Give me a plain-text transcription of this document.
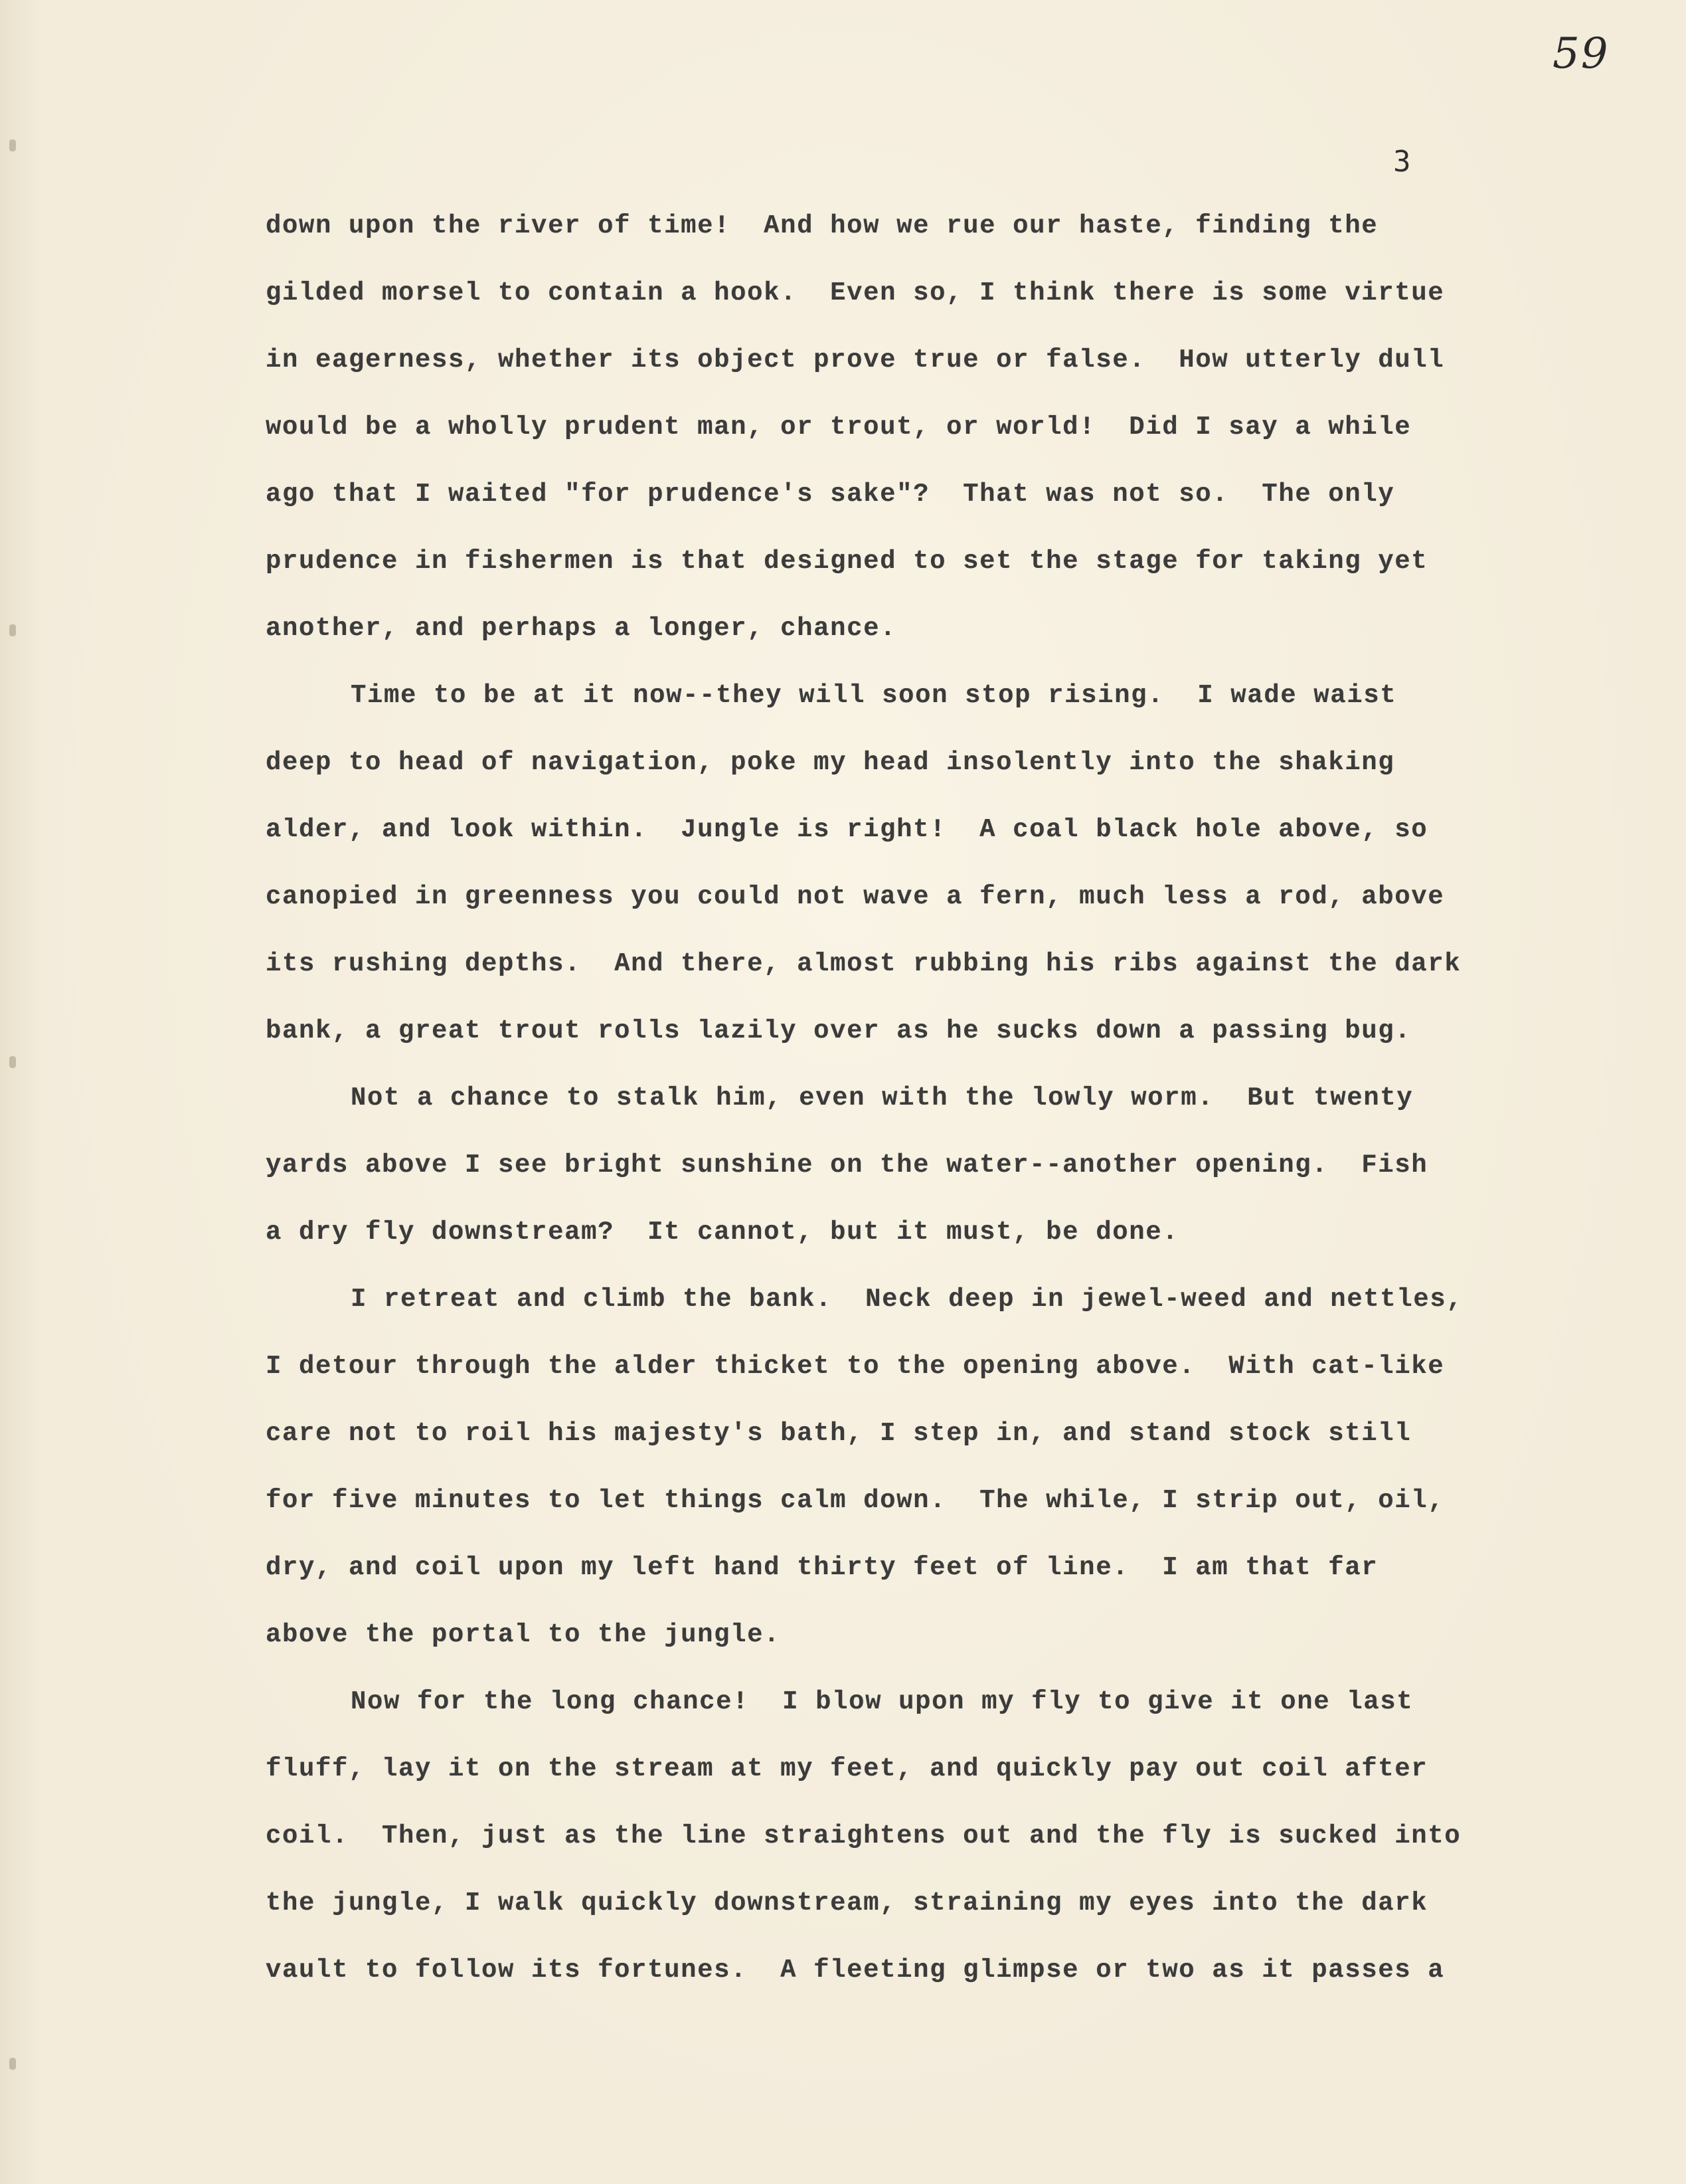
59
3
down upon the river of time!  And how we rue our haste, finding the
gilded morsel to contain a hook.  Even so, I think there is some virtue
in eagerness, whether its object prove true or false.  How utterly dull
would be a wholly prudent man, or trout, or world!  Did I say a while
ago that I waited "for prudence's sake"?  That was not so.  The only
prudence in fishermen is that designed to set the stage for taking yet
another, and perhaps a longer, chance.
Time to be at it now--they will soon stop rising.  I wade waist
deep to head of navigation, poke my head insolently into the shaking
alder, and look within.  Jungle is right!  A coal black hole above, so
canopied in greenness you could not wave a fern, much less a rod, above
its rushing depths.  And there, almost rubbing his ribs against the dark
bank, a great trout rolls lazily over as he sucks down a passing bug.
Not a chance to stalk him, even with the lowly worm.  But twenty
yards above I see bright sunshine on the water--another opening.  Fish
a dry fly downstream?  It cannot, but it must, be done.
I retreat and climb the bank.  Neck deep in jewel-weed and nettles,
I detour through the alder thicket to the opening above.  With cat-like
care not to roil his majesty's bath, I step in, and stand stock still
for five minutes to let things calm down.  The while, I strip out, oil,
dry, and coil upon my left hand thirty feet of line.  I am that far
above the portal to the jungle.
Now for the long chance!  I blow upon my fly to give it one last
fluff, lay it on the stream at my feet, and quickly pay out coil after
coil.  Then, just as the line straightens out and the fly is sucked into
the jungle, I walk quickly downstream, straining my eyes into the dark
vault to follow its fortunes.  A fleeting glimpse or two as it passes a
